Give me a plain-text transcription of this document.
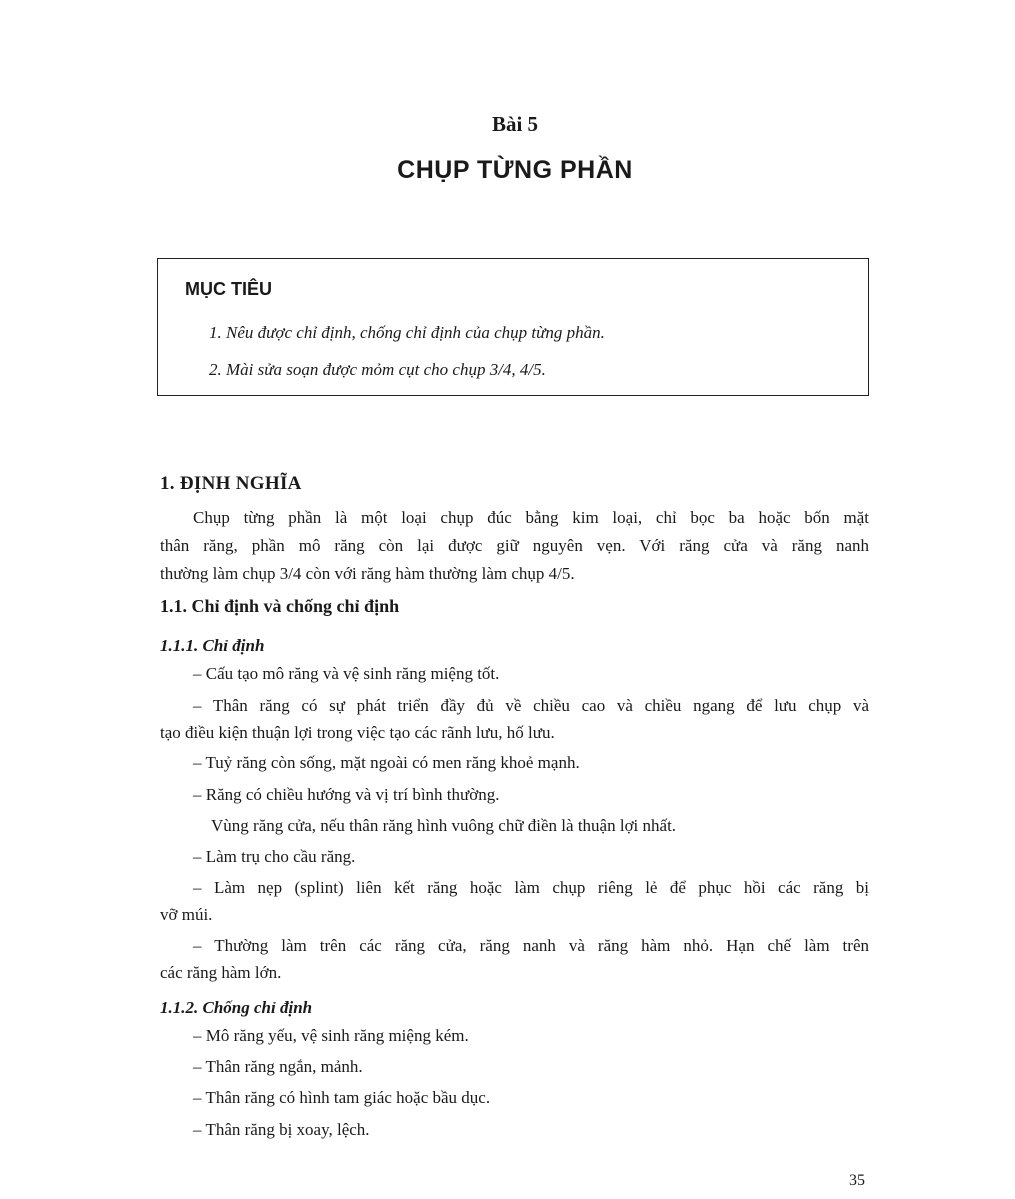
Bài 5
CHỤP TỪNG PHẦN
MỤC TIÊU
1. Nêu được chỉ định, chống chỉ định của chụp từng phần.
2. Mài sửa soạn được mỏm cụt cho chụp 3/4, 4/5.
1. ĐỊNH NGHĨA
Chụp từng phần là một loại chụp đúc bằng kim loại, chỉ bọc ba hoặc bốn mặt
thân răng, phần mô răng còn lại được giữ nguyên vẹn. Với răng cửa và răng nanh
thường làm chụp 3/4 còn với răng hàm thường làm chụp 4/5.
1.1. Chỉ định và chống chỉ định
1.1.1. Chỉ định
– Cấu tạo mô răng và vệ sinh răng miệng tốt.
– Thân răng có sự phát triển đầy đủ về chiều cao và chiều ngang để lưu chụp và
tạo điều kiện thuận lợi trong việc tạo các rãnh lưu, hố lưu.
– Tuỷ răng còn sống, mặt ngoài có men răng khoẻ mạnh.
– Răng có chiều hướng và vị trí bình thường.
Vùng răng cửa, nếu thân răng hình vuông chữ điền là thuận lợi nhất.
– Làm trụ cho cầu răng.
– Làm nẹp (splint) liên kết răng hoặc làm chụp riêng lẻ để phục hồi các răng bị
vỡ múi.
– Thường làm trên các răng cửa, răng nanh và răng hàm nhỏ. Hạn chế làm trên
các răng hàm lớn.
1.1.2. Chống chỉ định
– Mô răng yếu, vệ sinh răng miệng kém.
– Thân răng ngắn, mảnh.
– Thân răng có hình tam giác hoặc bầu dục.
– Thân răng bị xoay, lệch.
35
